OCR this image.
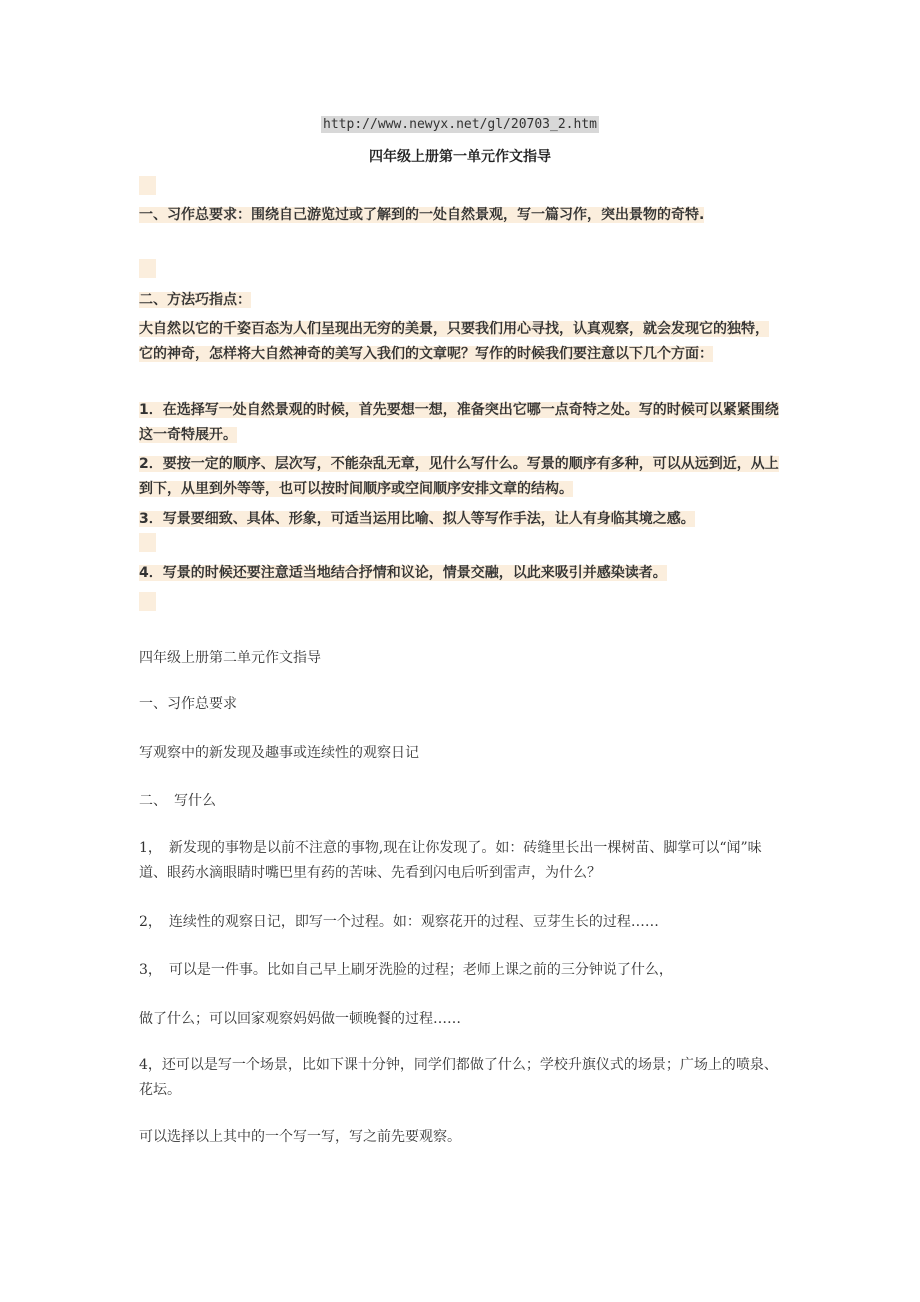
http://www.newyx.net/gl/20703_2.htm
四年级上册第一单元作文指导
一、习作总要求：围绕自己游览过或了解到的一处自然景观，写一篇习作，突出景物的奇特.
二、方法巧指点：
大自然以它的千姿百态为人们呈现出无穷的美景，只要我们用心寻找，认真观察，就会发现它的独特，它的神奇，怎样将大自然神奇的美写入我们的文章呢？写作的时候我们要注意以下几个方面：
1．在选择写一处自然景观的时候，首先要想一想，准备突出它哪一点奇特之处。写的时候可以紧紧围绕这一奇特展开。
2．要按一定的顺序、层次写，不能杂乱无章，见什么写什么。写景的顺序有多种，可以从远到近，从上到下，从里到外等等，也可以按时间顺序或空间顺序安排文章的结构。
3．写景要细致、具体、形象，可适当运用比喻、拟人等写作手法，让人有身临其境之感。
4．写景的时候还要注意适当地结合抒情和议论，情景交融，以此来吸引并感染读者。
四年级上册第二单元作文指导
一、习作总要求
写观察中的新发现及趣事或连续性的观察日记
二、　写什么
1，　新发现的事物是以前不注意的事物,现在让你发现了。如：砖缝里长出一棵树苗、脚掌可以“闻”味道、眼药水滴眼睛时嘴巴里有药的苦味、先看到闪电后听到雷声，为什么？
2，　连续性的观察日记，即写一个过程。如：观察花开的过程、豆芽生长的过程……
3，　可以是一件事。比如自己早上刷牙洗脸的过程；老师上课之前的三分钟说了什么，
做了什么；可以回家观察妈妈做一顿晚餐的过程……
4，还可以是写一个场景，比如下课十分钟，同学们都做了什么；学校升旗仪式的场景；广场上的喷泉、花坛。
可以选择以上其中的一个写一写，写之前先要观察。
